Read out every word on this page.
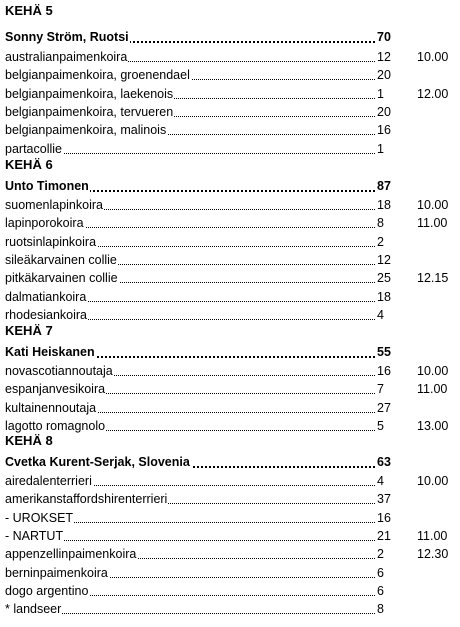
KEHÄ 5
Sonny Ström, Ruotsi	70
australianpaimenkoira	12 10.00
belgianpaimenkoira, groenendael	20
belgianpaimenkoira, laekenois	1	12.00
belgianpaimenkoira, tervueren	20
belgianpaimenkoira, malinois	16
partacollie	1
KEHÄ 6
Unto Timonen	87
suomenlapinkoira	18 10.00
lapinporokoira	8	11.00
ruotsinlapinkoira	2
sileäkarvainen collie	12
pitkäkarvainen collie	25 12.15
dalmatiankoira	18
rhodesiankoira	4
KEHÄ 7
Kati Heiskanen	55
novascotiannoutaja	16 10.00
espanjanvesikoira	7	11.00
kultainennoutaja	27
lagotto romagnolo	5	13.00
KEHÄ 8
Cvetka Kurent-Serjak, Slovenia	63
airedalenterrieri	4	10.00
amerikanstaffordshirenterrieri	37
- UROKSET	16
- NARTUT	21 11.00
appenzellinpaimenkoira	2	12.30
berninpaimenkoira	6
dogo argentino	6
* landseer	8
